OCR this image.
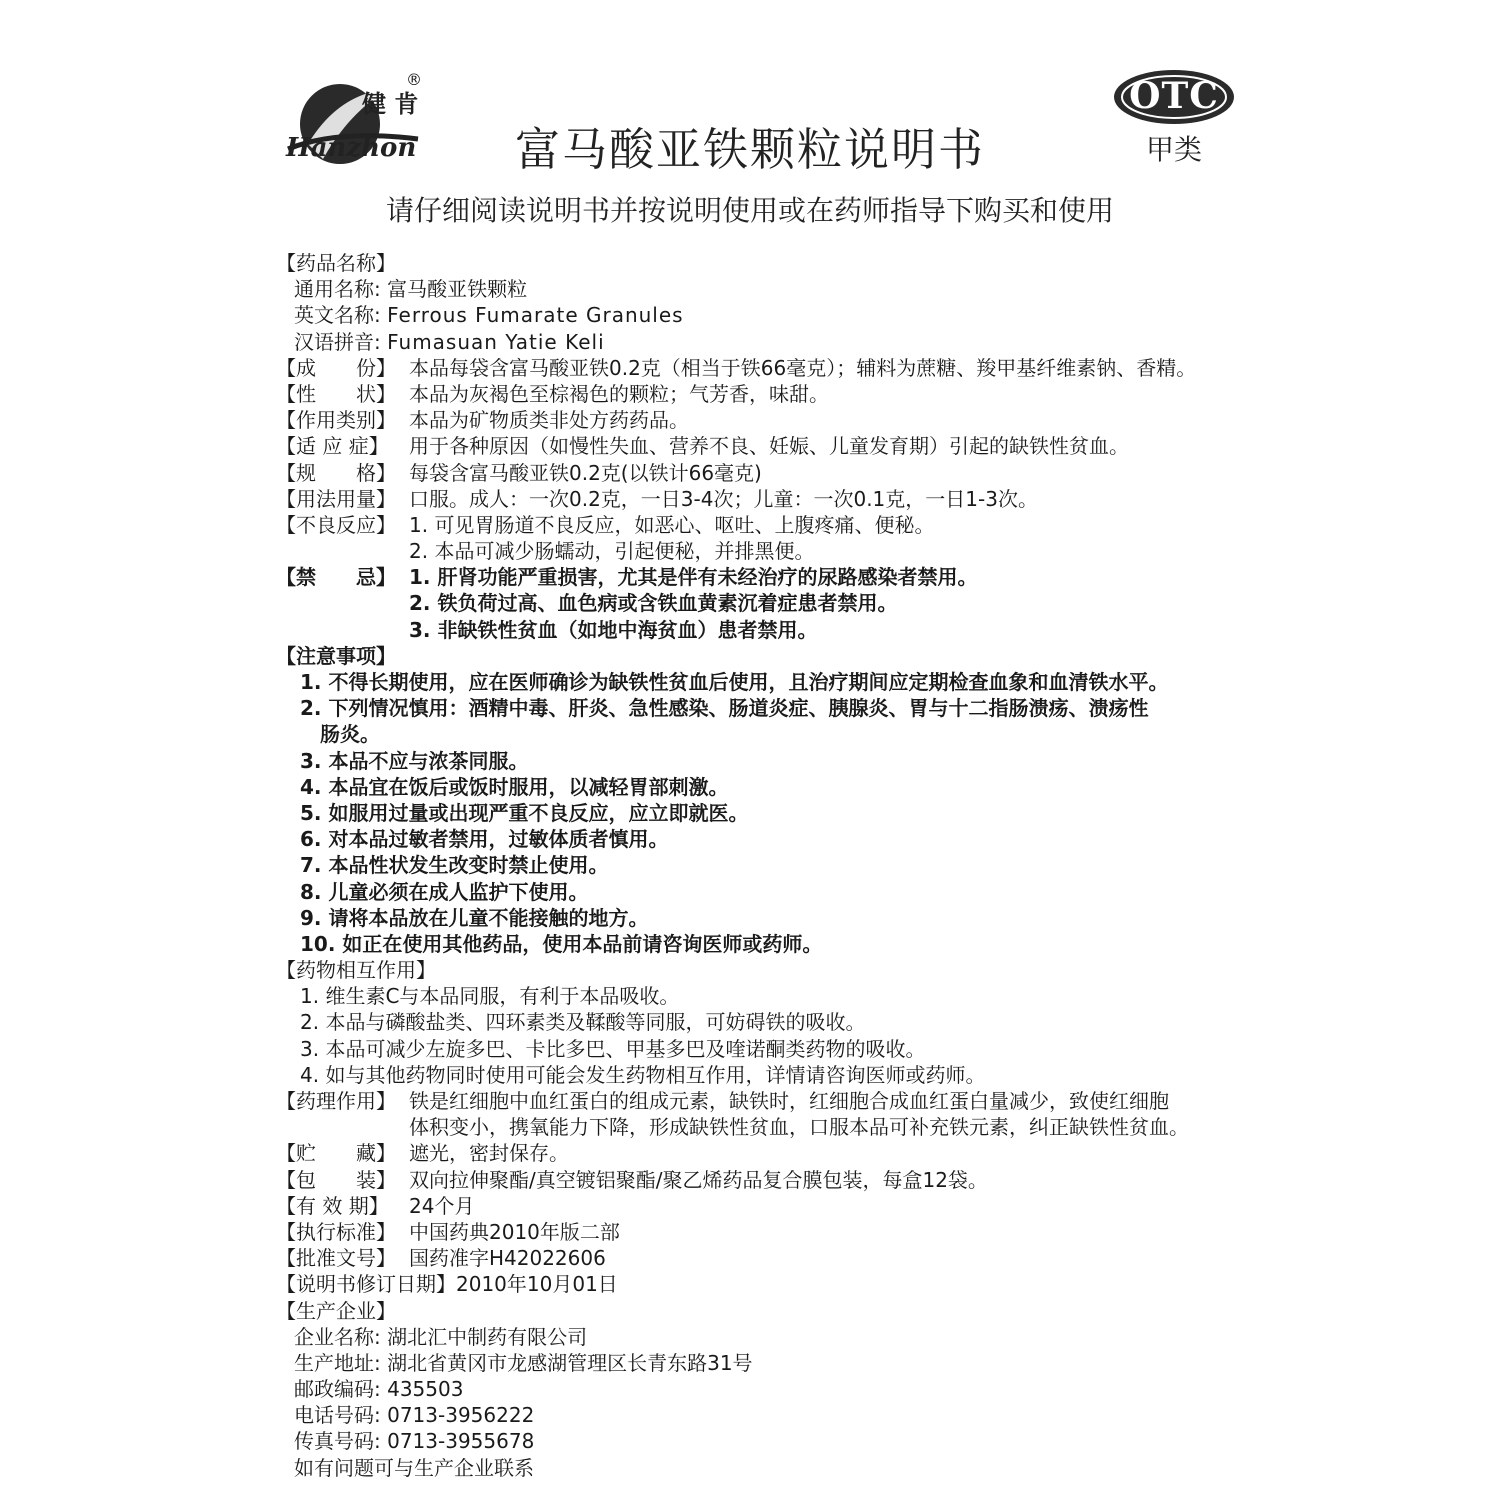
健 肯
Hanzhon
®
富马酸亚铁颗粒说明书
OTC
甲类
请仔细阅读说明书并按说明使用或在药师指导下购买和使用
【药品名称】
通用名称: 富马酸亚铁颗粒
英文名称: Ferrous Fumarate Granules
汉语拼音: Fumasuan Yatie Keli
【成　　份】 本品每袋含富马酸亚铁0.2克（相当于铁66毫克）；辅料为蔗糖、羧甲基纤维素钠、香精。
【性　　状】 本品为灰褐色至棕褐色的颗粒；气芳香，味甜。
【作用类别】 本品为矿物质类非处方药药品。
【适 应 症】 用于各种原因（如慢性失血、营养不良、妊娠、儿童发育期）引起的缺铁性贫血。
【规　　格】 每袋含富马酸亚铁0.2克(以铁计66毫克)
【用法用量】 口服。成人：一次0.2克，一日3-4次；儿童：一次0.1克，一日1-3次。
【不良反应】 1. 可见胃肠道不良反应，如恶心、呕吐、上腹疼痛、便秘。
2. 本品可减少肠蠕动，引起便秘，并排黑便。
【禁　　忌】 1. 肝肾功能严重损害，尤其是伴有未经治疗的尿路感染者禁用。
2. 铁负荷过高、血色病或含铁血黄素沉着症患者禁用。
3. 非缺铁性贫血（如地中海贫血）患者禁用。
【注意事项】
1. 不得长期使用，应在医师确诊为缺铁性贫血后使用，且治疗期间应定期检查血象和血清铁水平。
2. 下列情况慎用：酒精中毒、肝炎、急性感染、肠道炎症、胰腺炎、胃与十二指肠溃疡、溃疡性
肠炎。
3. 本品不应与浓茶同服。
4. 本品宜在饭后或饭时服用，以减轻胃部刺激。
5. 如服用过量或出现严重不良反应，应立即就医。
6. 对本品过敏者禁用，过敏体质者慎用。
7. 本品性状发生改变时禁止使用。
8. 儿童必须在成人监护下使用。
9. 请将本品放在儿童不能接触的地方。
10. 如正在使用其他药品，使用本品前请咨询医师或药师。
【药物相互作用】
1. 维生素C与本品同服，有利于本品吸收。
2. 本品与磷酸盐类、四环素类及鞣酸等同服，可妨碍铁的吸收。
3. 本品可减少左旋多巴、卡比多巴、甲基多巴及喹诺酮类药物的吸收。
4. 如与其他药物同时使用可能会发生药物相互作用，详情请咨询医师或药师。
【药理作用】 铁是红细胞中血红蛋白的组成元素，缺铁时，红细胞合成血红蛋白量减少，致使红细胞
体积变小，携氧能力下降，形成缺铁性贫血，口服本品可补充铁元素，纠正缺铁性贫血。
【贮　　藏】 遮光，密封保存。
【包　　装】 双向拉伸聚酯/真空镀铝聚酯/聚乙烯药品复合膜包装，每盒12袋。
【有 效 期】 24个月
【执行标准】 中国药典2010年版二部
【批准文号】 国药准字H42022606
【说明书修订日期】2010年10月01日
【生产企业】
企业名称: 湖北汇中制药有限公司
生产地址: 湖北省黄冈市龙感湖管理区长青东路31号
邮政编码: 435503
电话号码: 0713-3956222
传真号码: 0713-3955678
如有问题可与生产企业联系
